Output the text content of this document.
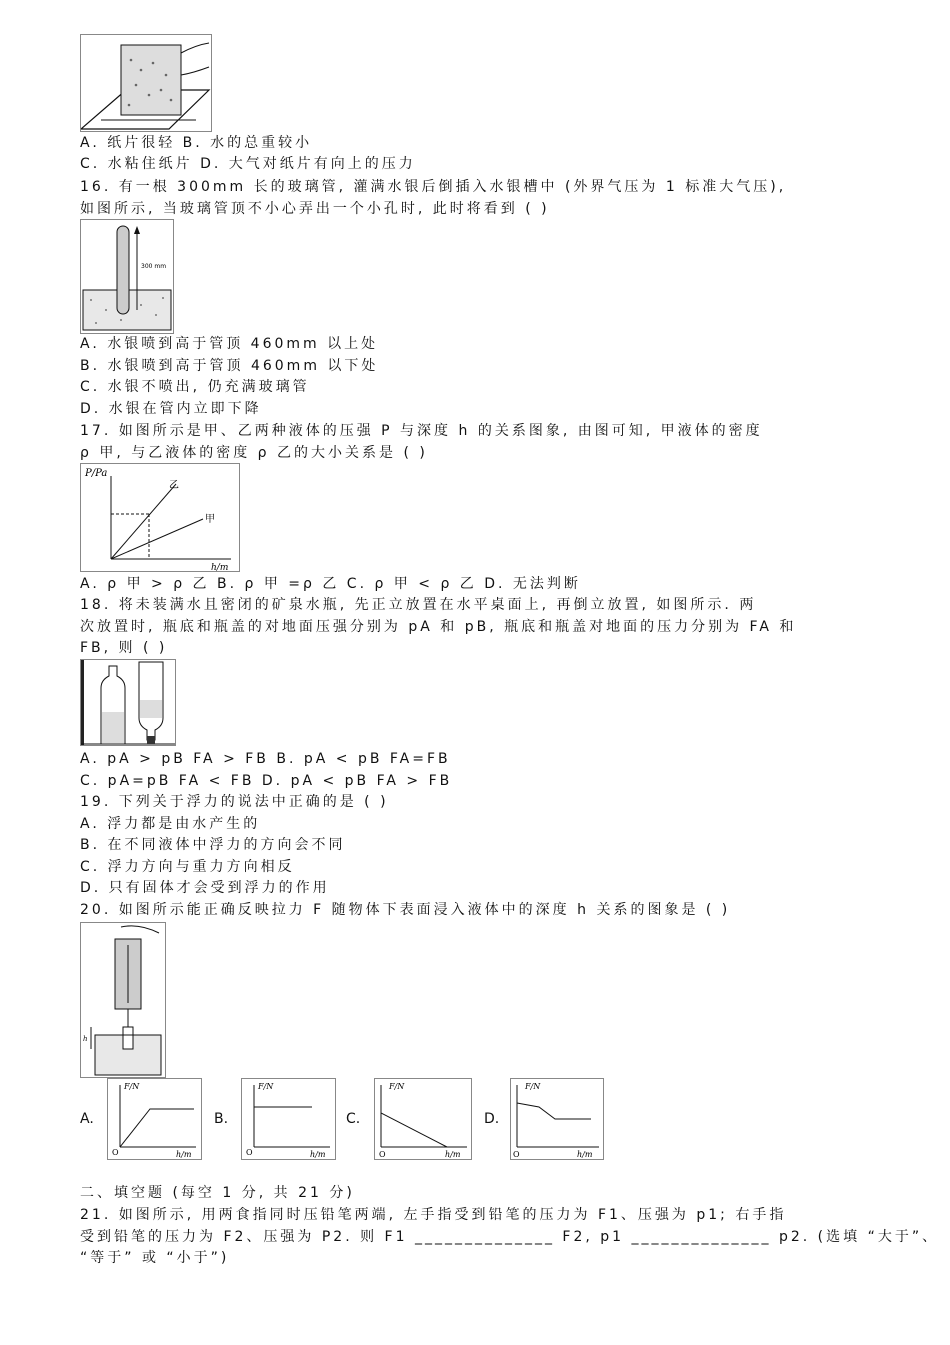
A. 纸片很轻 B. 水的总重较小
C. 水粘住纸片 D. 大气对纸片有向上的压力
16. 有一根 300mm 长的玻璃管, 灌满水银后倒插入水银槽中 (外界气压为 1 标准大气压),
如图所示, 当玻璃管顶不小心弄出一个小孔时, 此时将看到 ( )
300 mm
A. 水银喷到高于管顶 460mm 以上处
B. 水银喷到高于管顶 460mm 以下处
C. 水银不喷出, 仍充满玻璃管
D. 水银在管内立即下降
17. 如图所示是甲、乙两种液体的压强 P 与深度 h 的关系图象, 由图可知, 甲液体的密度
ρ 甲, 与乙液体的密度 ρ 乙的大小关系是 ( )
P/Pa
h/m
乙
甲
A. ρ 甲 > ρ 乙 B. ρ 甲 =ρ 乙 C. ρ 甲 < ρ 乙 D. 无法判断
18. 将未装满水且密闭的矿泉水瓶, 先正立放置在水平桌面上, 再倒立放置, 如图所示. 两
次放置时, 瓶底和瓶盖的对地面压强分别为 pA 和 pB, 瓶底和瓶盖对地面的压力分别为 FA 和
FB, 则 ( )
A. pA > pB FA > FB B. pA < pB FA=FB
C. pA=pB FA < FB D. pA < pB FA > FB
19. 下列关于浮力的说法中正确的是 ( )
A. 浮力都是由水产生的
B. 在不同液体中浮力的方向会不同
C. 浮力方向与重力方向相反
D. 只有固体才会受到浮力的作用
20. 如图所示能正确反映拉力 F 随物体下表面浸入液体中的深度 h 关系的图象是 ( )
h
A.
F/N
h/m
O
B.
F/N
h/m
O
C.
F/N
h/m
O
D.
F/N
h/m
O
二、填空题 (每空 1 分, 共 21 分)
21. 如图所示, 用两食指同时压铅笔两端, 左手指受到铅笔的压力为 F1、压强为 p1; 右手指
受到铅笔的压力为 F2、压强为 P2. 则 F1 ______________ F2, p1 ______________ p2. (选填 “大于”、
“等于” 或 “小于”)
